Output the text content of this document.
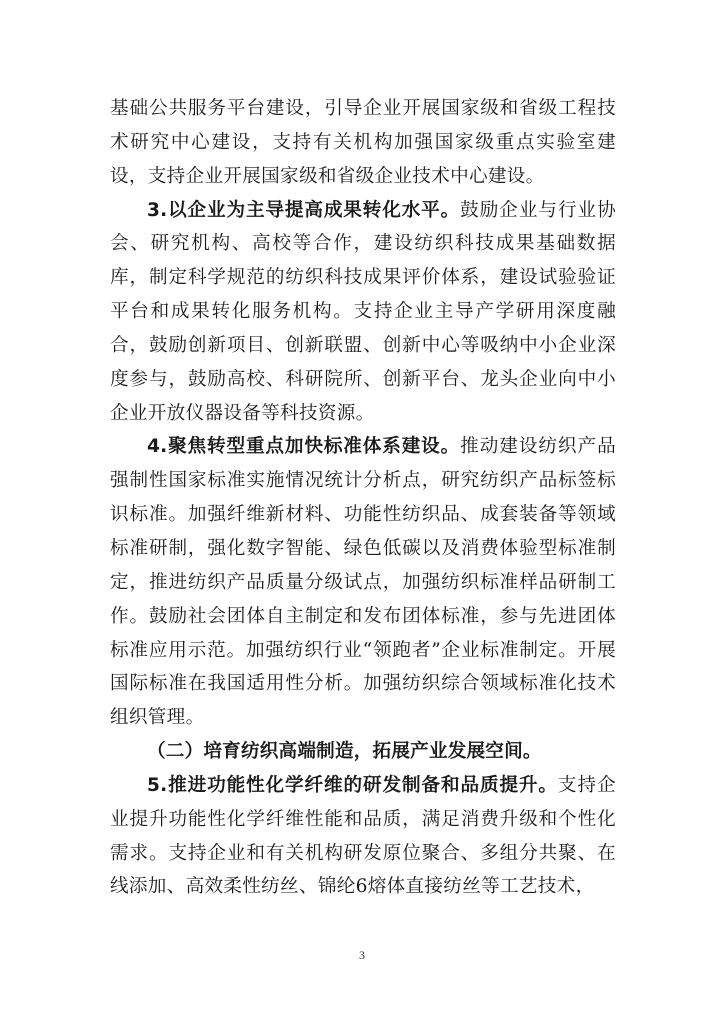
基础公共服务平台建设，引导企业开展国家级和省级工程技术研究中心建设，支持有关机构加强国家级重点实验室建设，支持企业开展国家级和省级企业技术中心建设。

3.以企业为主导提高成果转化水平。鼓励企业与行业协会、研究机构、高校等合作，建设纺织科技成果基础数据库，制定科学规范的纺织科技成果评价体系，建设试验验证平台和成果转化服务机构。支持企业主导产学研用深度融合，鼓励创新项目、创新联盟、创新中心等吸纳中小企业深度参与，鼓励高校、科研院所、创新平台、龙头企业向中小企业开放仪器设备等科技资源。

4.聚焦转型重点加快标准体系建设。推动建设纺织产品强制性国家标准实施情况统计分析点，研究纺织产品标签标识标准。加强纤维新材料、功能性纺织品、成套装备等领域标准研制，强化数字智能、绿色低碳以及消费体验型标准制定，推进纺织产品质量分级试点，加强纺织标准样品研制工作。鼓励社会团体自主制定和发布团体标准，参与先进团体标准应用示范。加强纺织行业“领跑者”企业标准制定。开展国际标准在我国适用性分析。加强纺织综合领域标准化技术组织管理。

（二）培育纺织高端制造，拓展产业发展空间。

5.推进功能性化学纤维的研发制备和品质提升。支持企业提升功能性化学纤维性能和品质，满足消费升级和个性化需求。支持企业和有关机构研发原位聚合、多组分共聚、在线添加、高效柔性纺丝、锦纶6熔体直接纺丝等工艺技术，

3
